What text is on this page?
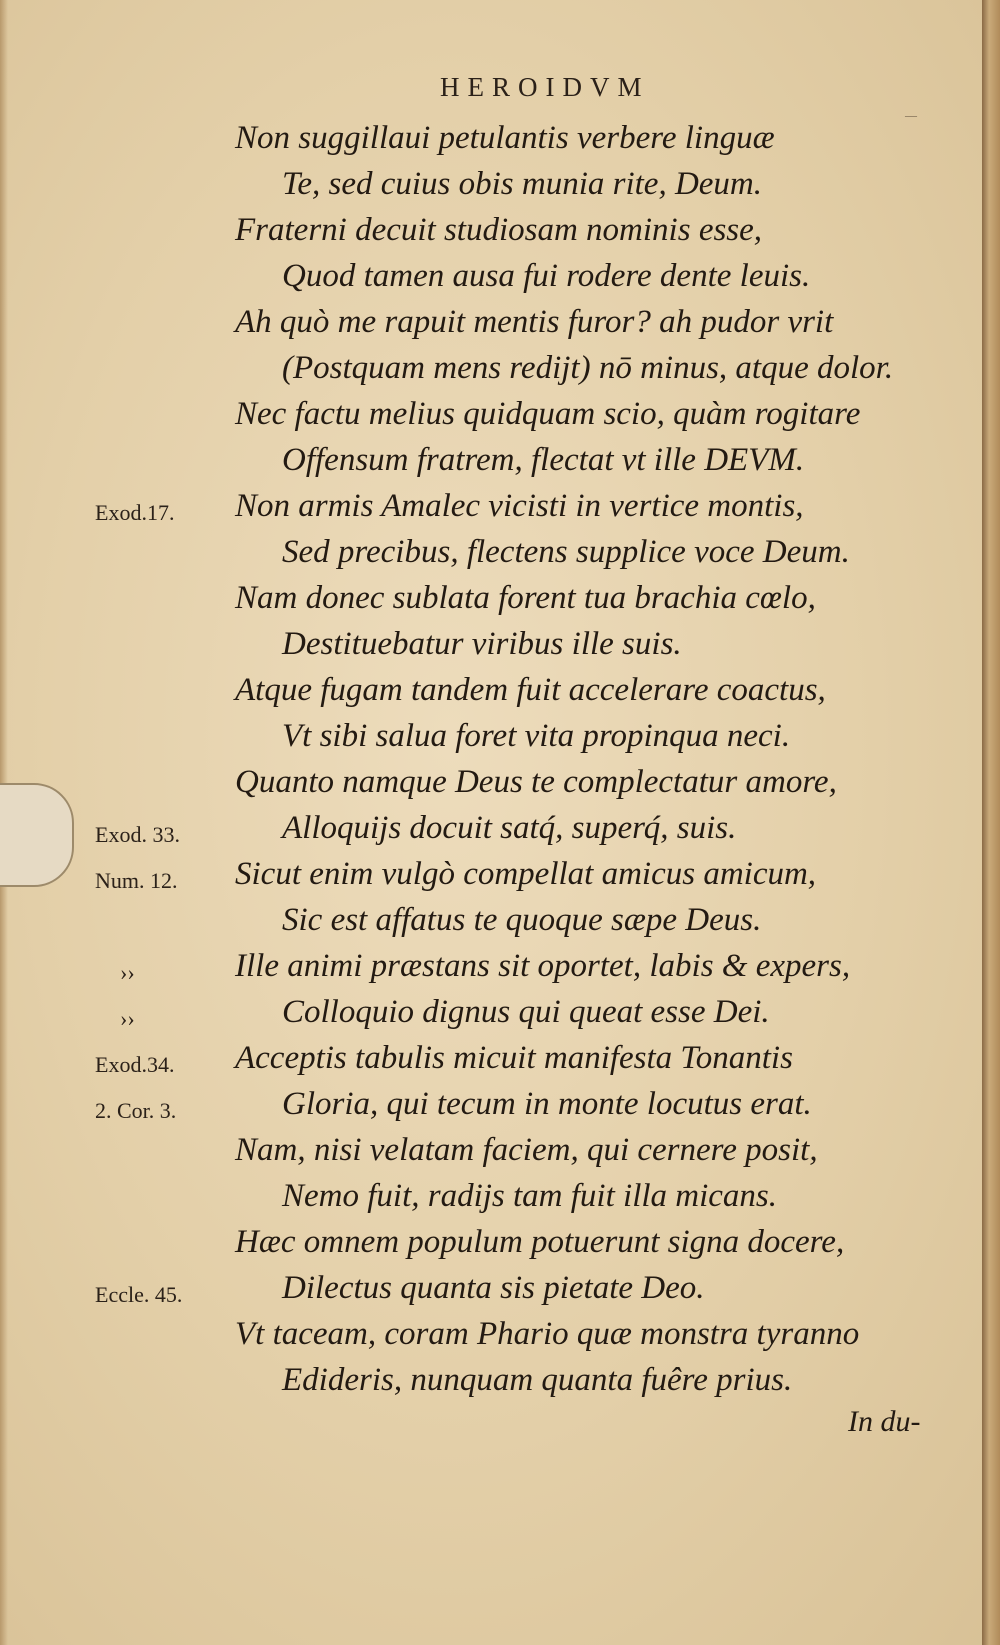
HEROIDVM
—
Non suggillaui petulantis verbere linguæ
Te, sed cuius obis munia rite, Deum.
Fraterni decuit studiosam nominis esse,
Quod tamen ausa fui rodere dente leuis.
Ah quò me rapuit mentis furor? ah pudor vrit
(Postquam mens rediјt) nō minus, atque dolor.
Nec factu melius quidquam scio, quàm rogitare
Offensum fratrem, flectat vt ille DEVM.
Non armis Amalec vicisti in vertice montis,
Sed precibus, flectens supplice voce Deum.
Nam donec sublata forent tua brachia cœlo,
Destituebatur viribus ille suis.
Atque fugam tandem fuit accelerare coactus,
Vt sibi salua foret vita propinqua neci.
Quanto namque Deus te complectatur amore,
Alloquiјs docuit satq́, superq́, suis.
Sicut enim vulgò compellat amicus amicum,
Sic est affatus te quoque sæpe Deus.
Ille animi præstans sit oportet, labis & expers,
Colloquio dignus qui queat esse Dei.
Acceptis tabulis micuit manifesta Tonantis
Gloria, qui tecum in monte locutus erat.
Nam, nisi velatam faciem, qui cernere posit,
Nemo fuit, radiјs tam fuit illa micans.
Hæc omnem populum potuerunt signa docere,
Dilectus quanta sis pietate Deo.
Vt taceam, coram Phario quæ monstra tyranno
Edideris, nunquam quanta fuêre prius.
Exod.17.
Exod. 33.
Num. 12.
››
››
Exod.34.
2. Cor. 3.
Eccle. 45.
In du-
